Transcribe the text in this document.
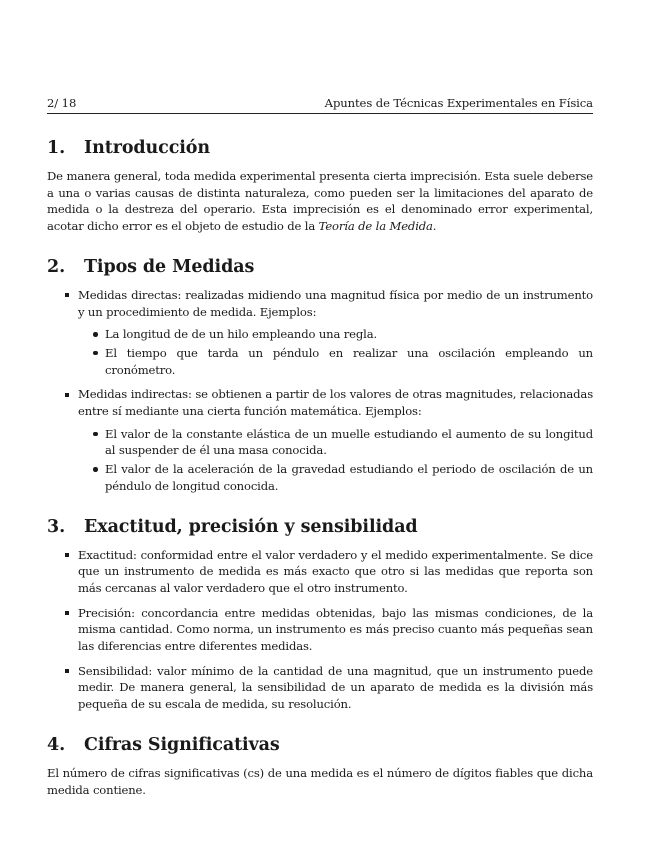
2/ 18	Apuntes de Técnicas Experimentales en Física
1.	Introducción

De manera general, toda medida experimental presenta cierta imprecisión. Esta suele deberse a una o varias causas de distinta naturaleza, como pueden ser la limitaciones del aparato de medida o la destreza del operario. Esta imprecisión es el denominado error experimental, acotar dicho error es el objeto de estudio de la Teoría de la Medida.

2.	Tipos de Medidas
Medidas directas: realizadas midiendo una magnitud física por medio de un instrumento y un procedimiento de medida. Ejemplos:
La longitud de de un hilo empleando una regla.
El tiempo que tarda un péndulo en realizar una oscilación empleando un cronómetro.
Medidas indirectas: se obtienen a partir de los valores de otras magnitudes, relacionadas entre sí mediante una cierta función matemática. Ejemplos:
El valor de la constante elástica de un muelle estudiando el aumento de su longitud al suspender de él una masa conocida.
El valor de la aceleración de la gravedad estudiando el periodo de oscilación de un péndulo de longitud conocida.
3.	Exactitud, precisión y sensibilidad
Exactitud: conformidad entre el valor verdadero y el medido experimentalmente. Se dice que un instrumento de medida es más exacto que otro si las medidas que reporta son más cercanas al valor verdadero que el otro instrumento.
Precisión: concordancia entre medidas obtenidas, bajo las mismas condiciones, de la misma cantidad. Como norma, un instrumento es más preciso cuanto más pequeñas sean las diferencias entre diferentes medidas.
Sensibilidad: valor mínimo de la cantidad de una magnitud, que un instrumento puede medir. De manera general, la sensibilidad de un aparato de medida es la división más pequeña de su escala de medida, su resolución.
4.	Cifras Significativas

El número de cifras significativas (cs) de una medida es el número de dígitos fiables que dicha medida contiene.
